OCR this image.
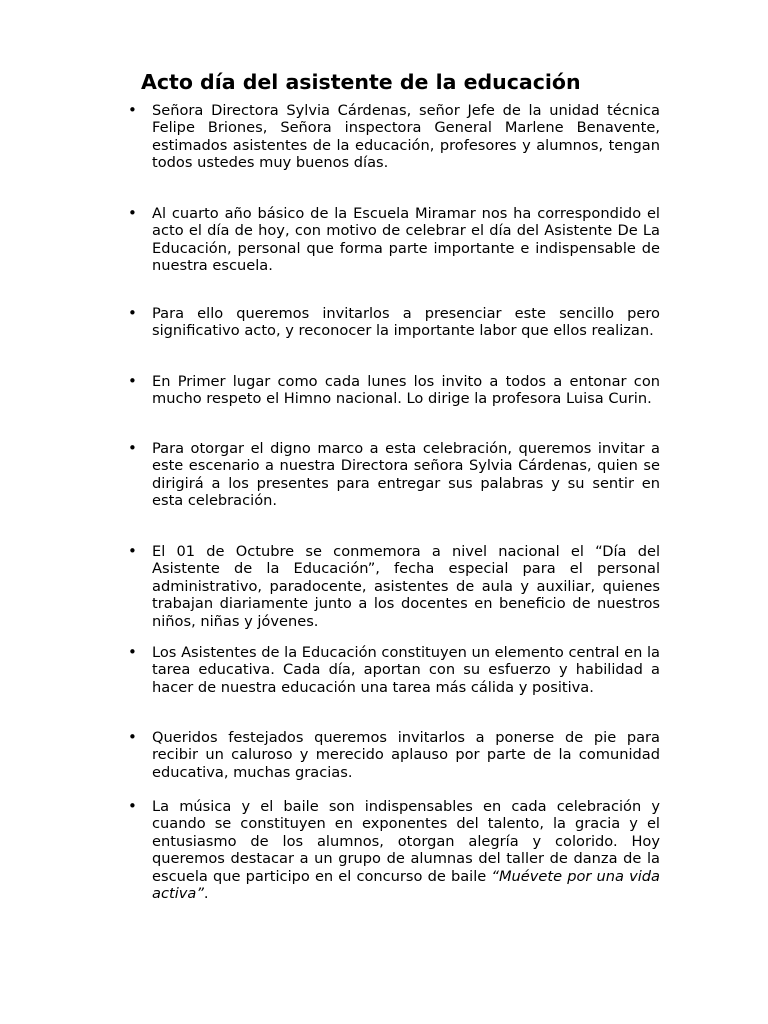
Acto día del asistente de la educación
• Señora Directora Sylvia Cárdenas, señor Jefe de la unidad técnica Felipe Briones, Señora inspectora General Marlene Benavente, estimados asistentes de la educación, profesores y alumnos, tengan todos ustedes muy buenos días.

• Al cuarto año básico de la Escuela Miramar nos ha correspondido el acto el día de hoy, con motivo de celebrar el día del Asistente De La Educación, personal que forma parte importante e indispensable de nuestra escuela.

• Para ello queremos invitarlos a presenciar este sencillo pero significativo acto, y reconocer la importante labor que ellos realizan.

• En Primer lugar como cada lunes los invito a todos a entonar con mucho respeto el Himno nacional. Lo dirige la profesora Luisa Curin.

• Para otorgar el digno marco a esta celebración, queremos invitar a este escenario a nuestra Directora señora Sylvia Cárdenas, quien se dirigirá a los presentes para entregar sus palabras y su sentir en esta celebración.

• El 01 de Octubre se conmemora a nivel nacional el “Día del Asistente de la Educación”, fecha especial para el personal administrativo, paradocente, asistentes de aula y auxiliar, quienes trabajan diariamente junto a los docentes en beneficio de nuestros niños, niñas y jóvenes.

• Los Asistentes de la Educación constituyen un elemento central en la tarea educativa. Cada día, aportan con su esfuerzo y habilidad a hacer de nuestra educación una tarea más cálida y positiva.

• Queridos festejados queremos invitarlos a ponerse de pie para recibir un caluroso y merecido aplauso por parte de la comunidad educativa, muchas gracias.

• La música y el baile son indispensables en cada celebración y cuando se constituyen en exponentes del talento, la gracia y el entusiasmo de los alumnos, otorgan alegría y colorido. Hoy queremos destacar a un grupo de alumnas del taller de danza de la escuela que participo en el concurso de baile “Muévete por una vida activa”.
